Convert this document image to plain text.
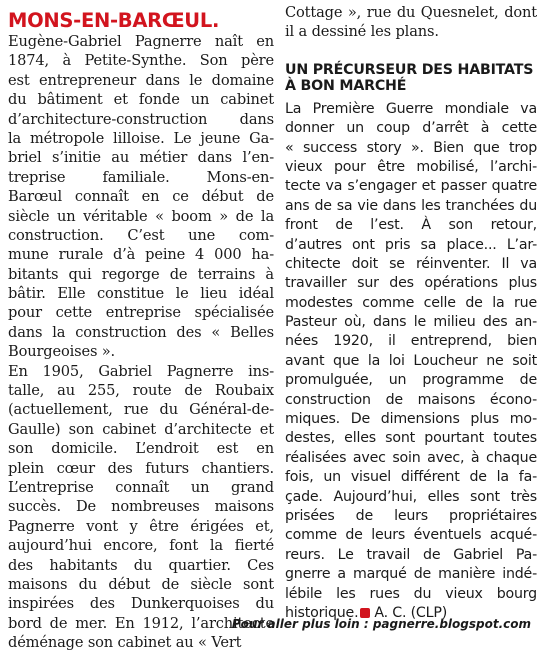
MONS-EN-BARŒUL.
Eugène-Gabriel Pagnerre naît en
1874, à Petite-Synthe. Son père
est entrepreneur dans le domaine
du bâtiment et fonde un cabinet
d’architecture-construction dans
la métropole lilloise. Le jeune Ga-
briel s’initie au métier dans l’en-
treprise familiale. Mons-en-
Barœul connaît en ce début de
siècle un véritable « boom » de la
construction. C’est une com-
mune rurale d’à peine 4 000 ha-
bitants qui regorge de terrains à
bâtir. Elle constitue le lieu idéal
pour cette entreprise spécialisée
dans la construction des « Belles
Bourgeoises ».
En 1905, Gabriel Pagnerre ins-
talle, au 255, route de Roubaix
(actuellement, rue du Général-de-
Gaulle) son cabinet d’architecte et
son domicile. L’endroit est en
plein cœur des futurs chantiers.
L’entreprise connaît un grand
succès. De nombreuses maisons
Pagnerre vont y être érigées et,
aujourd’hui encore, font la fierté
des habitants du quartier. Ces
maisons du début de siècle sont
inspirées des Dunkerquoises du
bord de mer. En 1912, l’architecte
déménage son cabinet au « Vert
Cottage », rue du Quesnelet, dont
il a dessiné les plans.
UN PRÉCURSEUR DES HABITATS
À BON MARCHÉ
La Première Guerre mondiale va
donner un coup d’arrêt à cette
« success story ». Bien que trop
vieux pour être mobilisé, l’archi-
tecte va s’engager et passer quatre
ans de sa vie dans les tranchées du
front de l’est. À son retour,
d’autres ont pris sa place... L’ar-
chitecte doit se réinventer. Il va
travailler sur des opérations plus
modestes comme celle de la rue
Pasteur où, dans le milieu des an-
nées 1920, il entreprend, bien
avant que la loi Loucheur ne soit
promulguée, un programme de
construction de maisons écono-
miques. De dimensions plus mo-
destes, elles sont pourtant toutes
réalisées avec soin avec, à chaque
fois, un visuel différent de la fa-
çade. Aujourd’hui, elles sont très
prisées de leurs propriétaires
comme de leurs éventuels acqué-
reurs. Le travail de Gabriel Pa-
gnerre a marqué de manière indé-
lébile les rues du vieux bourg
historique. A. C. (CLP)
Pour aller plus loin : pagnerre.blogspot.com
